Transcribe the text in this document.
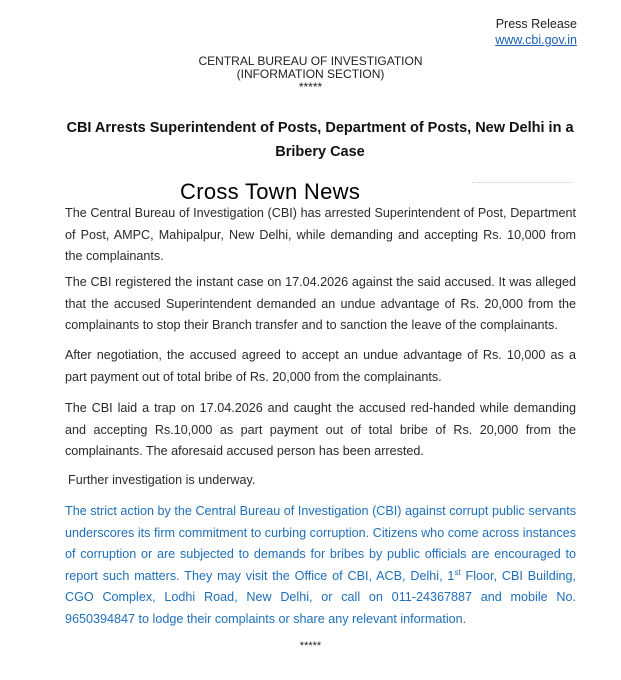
Press Release
www.cbi.gov.in
CENTRAL BUREAU OF INVESTIGATION
(INFORMATION SECTION)
*****
CBI Arrests Superintendent of Posts, Department of Posts, New Delhi in a
Bribery Case
Cross Town News

The Central Bureau of Investigation (CBI) has arrested Superintendent of Post, Department of Post, AMPC, Mahipalpur, New Delhi, while demanding and accepting Rs. 10,000 from the complainants.

The CBI registered the instant case on 17.04.2026 against the said accused. It was alleged that the accused Superintendent demanded an undue advantage of Rs. 20,000 from the complainants to stop their Branch transfer and to sanction the leave of the complainants.

After negotiation, the accused agreed to accept an undue advantage of Rs. 10,000 as a part payment out of total bribe of Rs. 20,000 from the complainants.

The CBI laid a trap on 17.04.2026 and caught the accused red-handed while demanding and accepting Rs.10,000 as part payment out of total bribe of Rs. 20,000 from the complainants. The aforesaid accused person has been arrested.

Further investigation is underway.

The strict action by the Central Bureau of Investigation (CBI) against corrupt public servants underscores its firm commitment to curbing corruption. Citizens who come across instances of corruption or are subjected to demands for bribes by public officials are encouraged to report such matters. They may visit the Office of CBI, ACB, Delhi, 1st Floor, CBI Building, CGO Complex, Lodhi Road, New Delhi, or call on 011-24367887 and mobile No. 9650394847 to lodge their complaints or share any relevant information.

*****
